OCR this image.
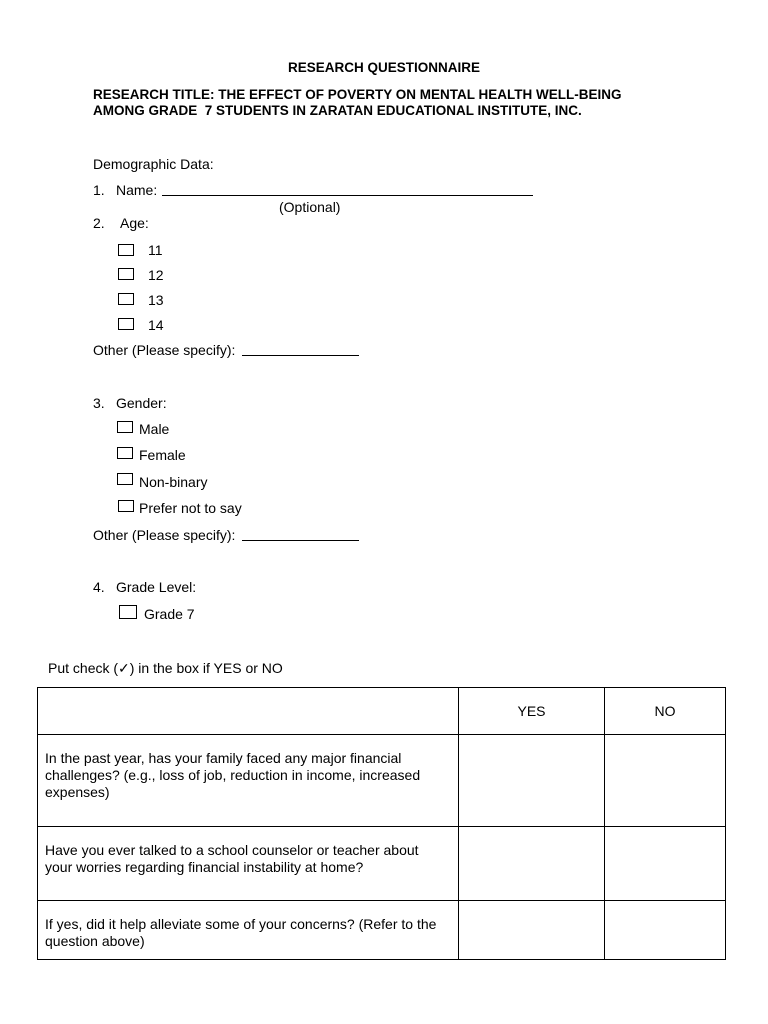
RESEARCH QUESTIONNAIRE
RESEARCH TITLE: THE EFFECT OF POVERTY ON MENTAL HEALTH WELL-BEING
AMONG GRADE  7 STUDENTS IN ZARATAN EDUCATIONAL INSTITUTE, INC.
Demographic Data:
1. Name:
(Optional)
2. Age:
11
12
13
14
Other (Please specify):
3. Gender:
Male
Female
Non-binary
Prefer not to say
Other (Please specify):
4. Grade Level:
Grade 7
Put check (✓) in the box if YES or NO
	YES	NO

In the past year, has your family faced any major financial challenges? (e.g., loss of job, reduction in income, increased expenses)		

Have you ever talked to a school counselor or teacher about your worries regarding financial instability at home?		

If yes, did it help alleviate some of your concerns? (Refer to the question above)		
